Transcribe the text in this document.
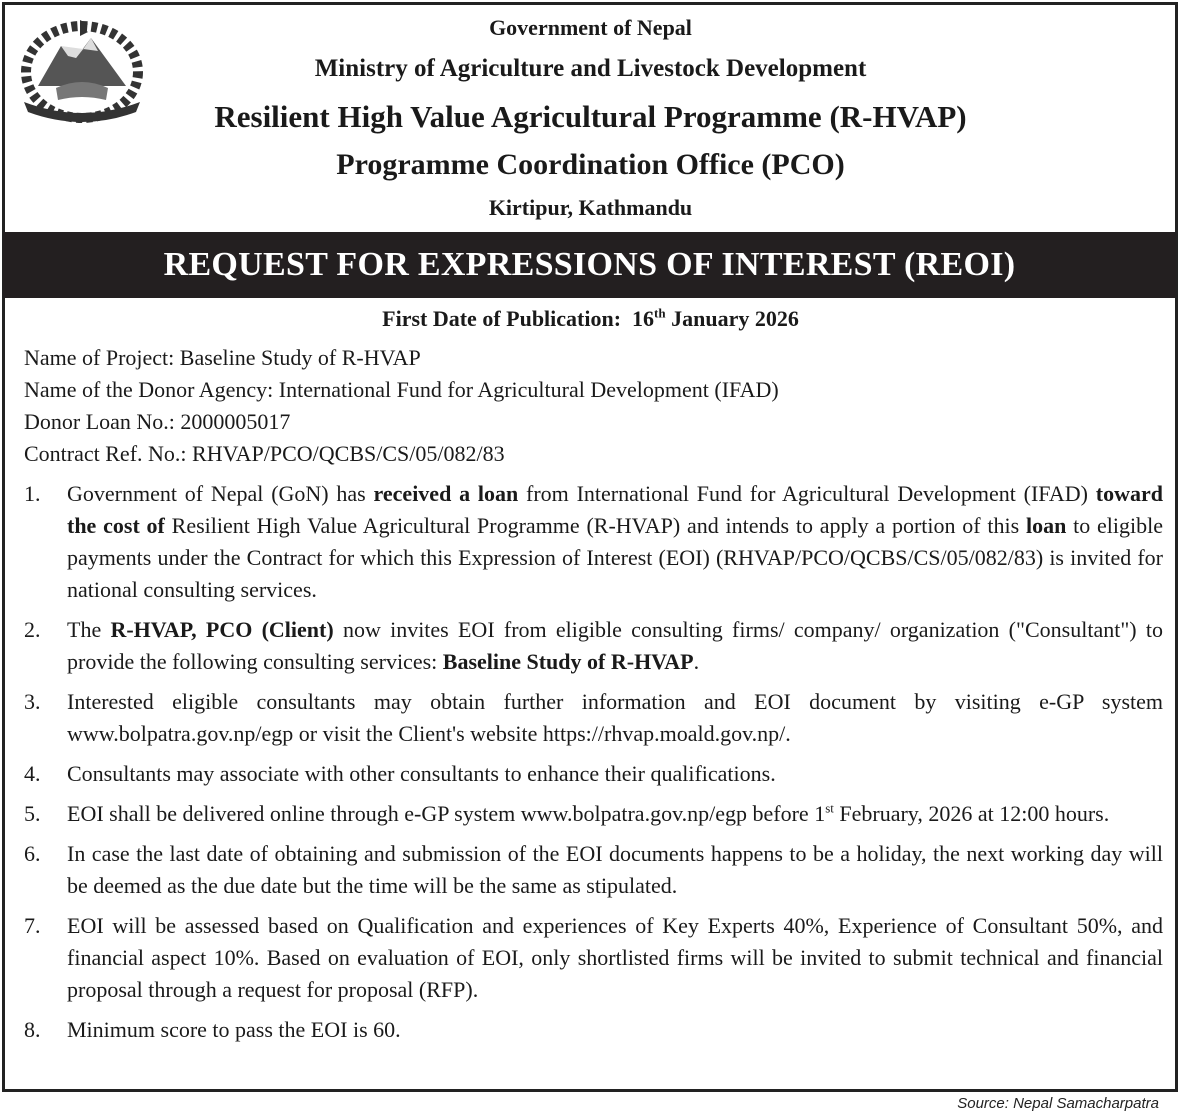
Government of Nepal
Ministry of Agriculture and Livestock Development
Resilient High Value Agricultural Programme (R-HVAP)
Programme Coordination Office (PCO)
Kirtipur, Kathmandu
REQUEST FOR EXPRESSIONS OF INTEREST (REOI)
First Date of Publication: 16th January 2026
Name of Project: Baseline Study of R-HVAP
Name of the Donor Agency: International Fund for Agricultural Development (IFAD)
Donor Loan No.: 2000005017
Contract Ref. No.: RHVAP/PCO/QCBS/CS/05/082/83
1. Government of Nepal (GoN) has received a loan from International Fund for Agricultural Development (IFAD) toward the cost of Resilient High Value Agricultural Programme (R-HVAP) and intends to apply a portion of this loan to eligible payments under the Contract for which this Expression of Interest (EOI) (RHVAP/PCO/QCBS/CS/05/082/83) is invited for national consulting services.
2. The R-HVAP, PCO (Client) now invites EOI from eligible consulting firms/ company/ organization ("Consultant") to provide the following consulting services: Baseline Study of R-HVAP.
3. Interested eligible consultants may obtain further information and EOI document by visiting e-GP system www.bolpatra.gov.np/egp or visit the Client's website https://rhvap.moald.gov.np/.
4. Consultants may associate with other consultants to enhance their qualifications.
5. EOI shall be delivered online through e-GP system www.bolpatra.gov.np/egp before 1st February, 2026 at 12:00 hours.
6. In case the last date of obtaining and submission of the EOI documents happens to be a holiday, the next working day will be deemed as the due date but the time will be the same as stipulated.
7. EOI will be assessed based on Qualification and experiences of Key Experts 40%, Experience of Consultant 50%, and financial aspect 10%. Based on evaluation of EOI, only shortlisted firms will be invited to submit technical and financial proposal through a request for proposal (RFP).
8. Minimum score to pass the EOI is 60.
Source: Nepal Samacharpatra
